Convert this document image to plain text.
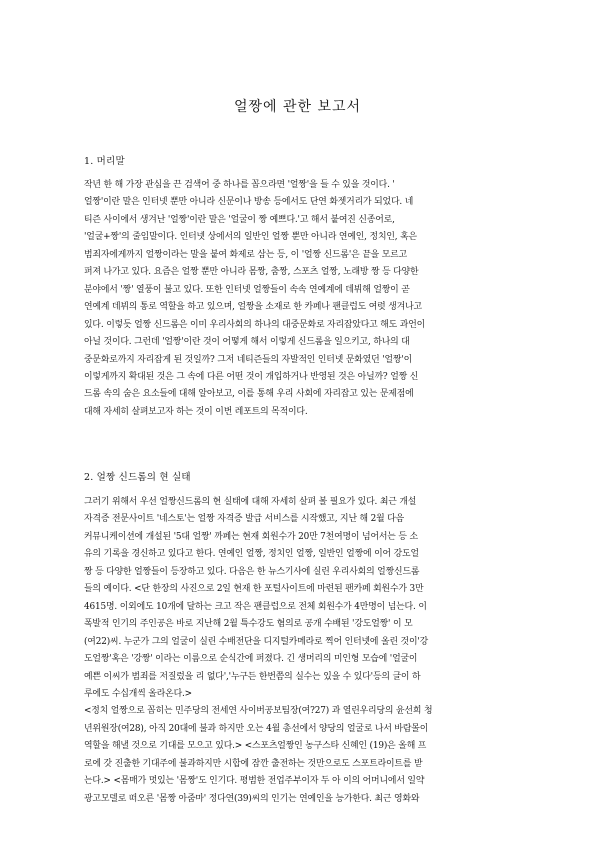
얼짱에 관한 보고서
1. 머리말
작년 한 해 가장 관심을 끈 검색어 중 하나를 꼽으라면 '얼짱'을 들 수 있을 것이다. '
얼짱'이란 말은 인터넷 뿐만 아니라 신문이나 방송 등에서도 단연 화젯거리가 되었다. 네
티즌 사이에서 생겨난 '얼짱'이란 말은 '얼굴이 짱 예쁘다.'고 해서 붙여진 신종어로,
'얼굴+짱'의 줄임말이다. 인터넷 상에서의 일반인 얼짱 뿐만 아니라 연예인, 정치인, 혹은
범죄자에게까지 얼짱이라는 말을 붙여 화제로 삼는 등, 이 '얼짱 신드롬'은 끝을 모르고
퍼져 나가고 있다. 요즘은 얼짱 뿐만 아니라 몸짱, 춤짱, 스포츠 얼짱, 노래방 짱 등 다양한
분야에서 '짱' 열풍이 불고 있다. 또한 인터넷 얼짱들이 속속 연예계에 데뷔해 얼짱이 곧
연예계 데뷔의 통로 역할을 하고 있으며, 얼짱을 소재로 한 카페나 팬클럽도 여럿 생겨나고
있다. 이렇듯 얼짱 신드롬은 이미 우리사회의 하나의 대중문화로 자리잡았다고 해도 과언이
아닐 것이다. 그런데 '얼짱'이란 것이 어떻게 해서 이렇게 신드롬을 일으키고, 하나의 대
중문화로까지 자리잡게 된 것일까? 그저 네티즌들의 자발적인 인터넷 문화였던 '얼짱'이
이렇게까지 확대된 것은 그 속에 다른 어떤 것이 개입하거나 반영된 것은 아닐까? 얼짱 신
드롬 속의 숨은 요소들에 대해 알아보고, 이를 통해 우리 사회에 자리잡고 있는 문제점에
대해 자세히 살펴보고자 하는 것이 이번 레포트의 목적이다.
2. 얼짱 신드롬의 현 실태
그러기 위해서 우선 얼짱신드롬의 현 실태에 대해 자세히 살펴 볼 필요가 있다. 최근 개설
자격증 전문사이트 '네스토'는 얼짱 자격증 발급 서비스를 시작했고, 지난 해 2월 다음
커뮤니케이션에 개설된 '5대 얼짱' 까페는 현재 회원수가 20만 7천여명이 넘어서는 등 소
유의 기록을 경신하고 있다고 한다. 연예인 얼짱, 정치인 얼짱, 일반인 얼짱에 이어 강도얼
짱 등 다양한 얼짱들이 등장하고 있다. 다음은 한 뉴스기사에 실린 우리사회의 얼짱신드롬
들의 예이다. <단 한장의 사진으로 2일 현재 한 포털사이트에 마련된 팬카페 회원수가 3만
4615명. 이외에도 10개에 달하는 크고 작은 팬클럽으로 전체 회원수가 4만명이 넘는다. 이
폭발적 인기의 주인공은 바로 지난해 2월 특수강도 혐의로 공개 수배된 '강도얼짱' 이 모
(여22)씨. 누군가 그의 얼굴이 실린 수배전단을 디지털카메라로 찍어 인터넷에 올린 것이'강
도얼짱'혹은 '강짱' 이라는 이름으로 순식간에 퍼졌다. 긴 생머리의 미인형 모습에 '얼굴이
예쁜 이씨가 범죄를 저질렀을 리 없다','누구든 한번쯤의 실수는 있을 수 있다'등의 글이 하
루에도 수십개씩 올라온다.>
<정치 얼짱으로 꼽히는 민주당의 전세연 사이버공보팀장(여?27) 과 열린우리당의 윤선희 청
년위원장(여28), 아직 20대에 불과 하지만 오는 4월 총선에서 양당의 얼굴로 나서 바람몰이
역할을 해낼 것으로 기대를 모으고 있다.> <스포츠얼짱인 농구스타 신혜인 (19)은 올해 프
로에 갓 진출한 기대주에 불과하지만 시합에 잠깐 출전하는 것만으로도 스포트라이트를 받
는다.> <몸매가 멋있는 '몸짱'도 인기다. 평범한 전업주부이자 두 아 이의 어머니에서 일약
광고모델로 떠오른 '몸짱 아줌마' 정다연(39)씨의 인기는 연예인을 능가한다. 최근 영화와
